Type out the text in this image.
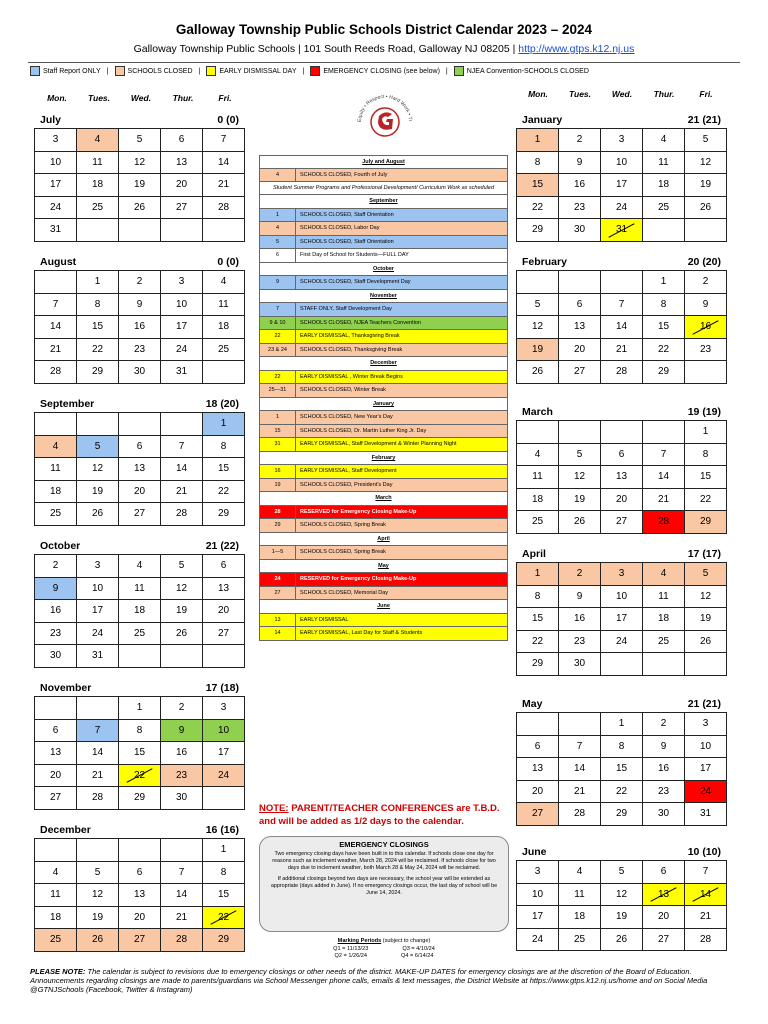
Galloway Township Public Schools District Calendar 2023 – 2024
Galloway Township Public Schools | 101 South Reeds Road, Galloway NJ 08205 | http://www.gtps.k12.nj.us
Staff Report ONLY |	SCHOOLS CLOSED |	EARLY DISMISSAL DAY |	EMERGENCY CLOSING (see below) |	NJEA Convention-SCHOOLS CLOSED
Mon.	Tues.	Wed.	Thur.	Fri.	Mon.	Tues.	Wed.	Thur.	Fri.
Equity • Respect • Hard Work • Tr
July	0 (0)
3	4	5	6	7
10	11	12	13	14
17	18	19	20	21
24	25	26	27	28
31				
August	0 (0)
	1	2	3	4
7	8	9	10	11
14	15	16	17	18
21	22	23	24	25
28	29	30	31	
September	18 (20)
				1
4	5	6	7	8
11	12	13	14	15
18	19	20	21	22
25	26	27	28	29
October	21 (22)
2	3	4	5	6
9	10	11	12	13
16	17	18	19	20
23	24	25	26	27
30	31			
November	17 (18)
		1	2	3
6	7	8	9	10
13	14	15	16	17
20	21	22	23	24
27	28	29	30	
December	16 (16)
				1
4	5	6	7	8
11	12	13	14	15
18	19	20	21	22
25	26	27	28	29
January	21 (21)
1	2	3	4	5
8	9	10	11	12
15	16	17	18	19
22	23	24	25	26
29	30	31		
February	20 (20)
			1	2
5	6	7	8	9
12	13	14	15	16
19	20	21	22	23
26	27	28	29	
March	19 (19)
				1
4	5	6	7	8
11	12	13	14	15
18	19	20	21	22
25	26	27	28	29
April	17 (17)
1	2	3	4	5
8	9	10	11	12
15	16	17	18	19
22	23	24	25	26
29	30			
May	21 (21)
		1	2	3
6	7	8	9	10
13	14	15	16	17
20	21	22	23	24
27	28	29	30	31
June	10 (10)
3	4	5	6	7
10	11	12	13	14
17	18	19	20	21
24	25	26	27	28
July and August
4	SCHOOLS CLOSED, Fourth of July
Student Summer Programs and Professional Development/ Curriculum Work as scheduled
September
1	SCHOOLS CLOSED, Staff Orientation
4	SCHOOLS CLOSED, Labor Day
5	SCHOOLS CLOSED, Staff Orientation
6	First Day of School for Students—FULL DAY
October
9	SCHOOLS CLOSED, Staff Development Day
November
7	STAFF ONLY, Staff Development Day
9 & 10	SCHOOLS CLOSED, NJEA Teachers Convention
22	EARLY DISMISSAL, Thanksgiving Break
23 & 24	SCHOOLS CLOSED, Thanksgiving Break
December
22	EARLY DISMISSAL , Winter Break Begins
25—31	SCHOOLS CLOSED, Winter Break
January
1	SCHOOLS CLOSED, New Year's Day
15	SCHOOLS CLOSED, Dr. Martin Luther King Jr. Day
31	EARLY DISMISSAL, Staff Development & Winter Planning Night
February
16	EARLY DISMISSAL, Staff Development
19	SCHOOLS CLOSED, President's Day
March
28	RESERVED for Emergency Closing Make-Up
29	SCHOOLS CLOSED, Spring Break
April
1—5	SCHOOLS CLOSED, Spring Break
May
24	RESERVED for Emergency Closing Make-Up
27	SCHOOLS CLOSED, Memorial Day
June
13	EARLY DISMISSAL
14	EARLY DISMISSAL, Last Day for Staff & Students
NOTE: PARENT/TEACHER CONFERENCES are T.B.D. and will be added as 1/2 days to the calendar.
EMERGENCY CLOSINGS
Two emergency closing days have been built in to this calendar. If schools close one day for reasons such as inclement weather, March 28, 2024 will be reclaimed. If schools close for two days due to inclement weather, both March 28 & May 24, 2024 will be reclaimed.
If additional closings beyond two days are necessary, the school year will be extended as appropriate (days added in June). If no emergency closings occur, the last day of school will be June 14, 2024.
Marking Periods (subject to change)
Q1 = 11/13/23	Q3 = 4/10/24
Q2 = 1/26/24	Q4 = 6/14/24
PLEASE NOTE: The calendar is subject to revisions due to emergency closings or other needs of the district. MAKE-UP DATES for emergency closings are at the discretion of the Board of Education. Announcements regarding closings are made to parents/guardians via School Messenger phone calls, emails & text messages, the District Website at https://www.gtps.k12.nj.us/home and on Social Media @GTNJSchools (Facebook, Twitter & Instagram)
